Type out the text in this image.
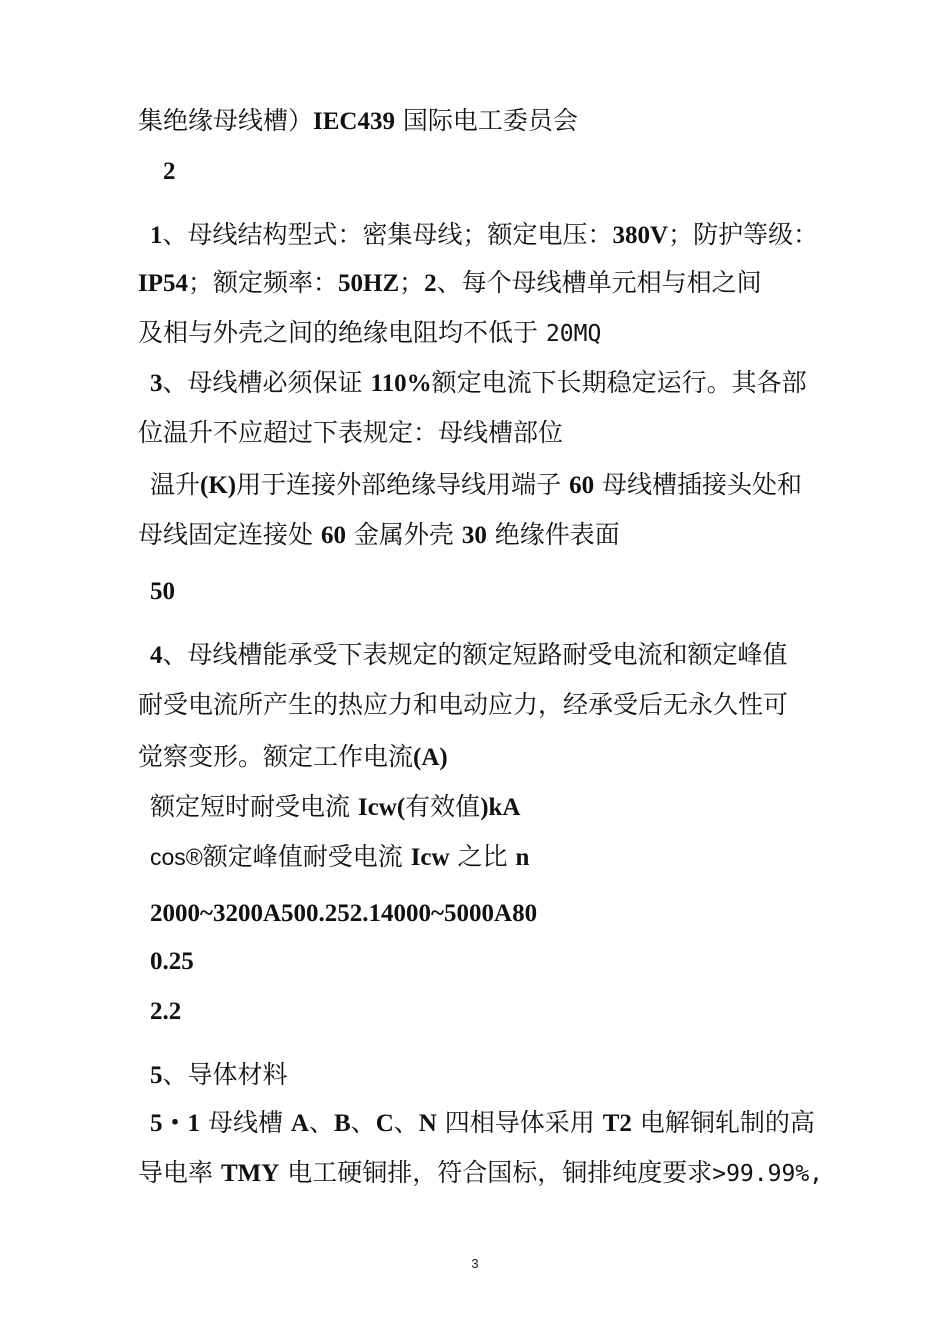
集绝缘母线槽）IEC439 国际电工委员会
2
1、母线结构型式：密集母线；额定电压：380V；防护等级：
IP54；额定频率：50HZ；2、每个母线槽单元相与相之间
及相与外壳之间的绝缘电阻均不低于 20MQ
3、母线槽必须保证 110%额定电流下长期稳定运行。其各部
位温升不应超过下表规定：母线槽部位
温升(K)用于连接外部绝缘导线用端子 60 母线槽插接头处和
母线固定连接处 60 金属外壳 30 绝缘件表面
50
4、母线槽能承受下表规定的额定短路耐受电流和额定峰值
耐受电流所产生的热应力和电动应力，经承受后无永久性可
觉察变形。额定工作电流(A)
额定短时耐受电流 Icw(有效值)kA
cos®额定峰值耐受电流 Icw 之比 n
2000~3200A500.252.14000~5000A80
0.25
2.2
5、导体材料
5・1 母线槽 A、B、C、N 四相导体采用 T2 电解铜轧制的高
导电率 TMY 电工硬铜排，符合国标，铜排纯度要求>99.99%,
3
